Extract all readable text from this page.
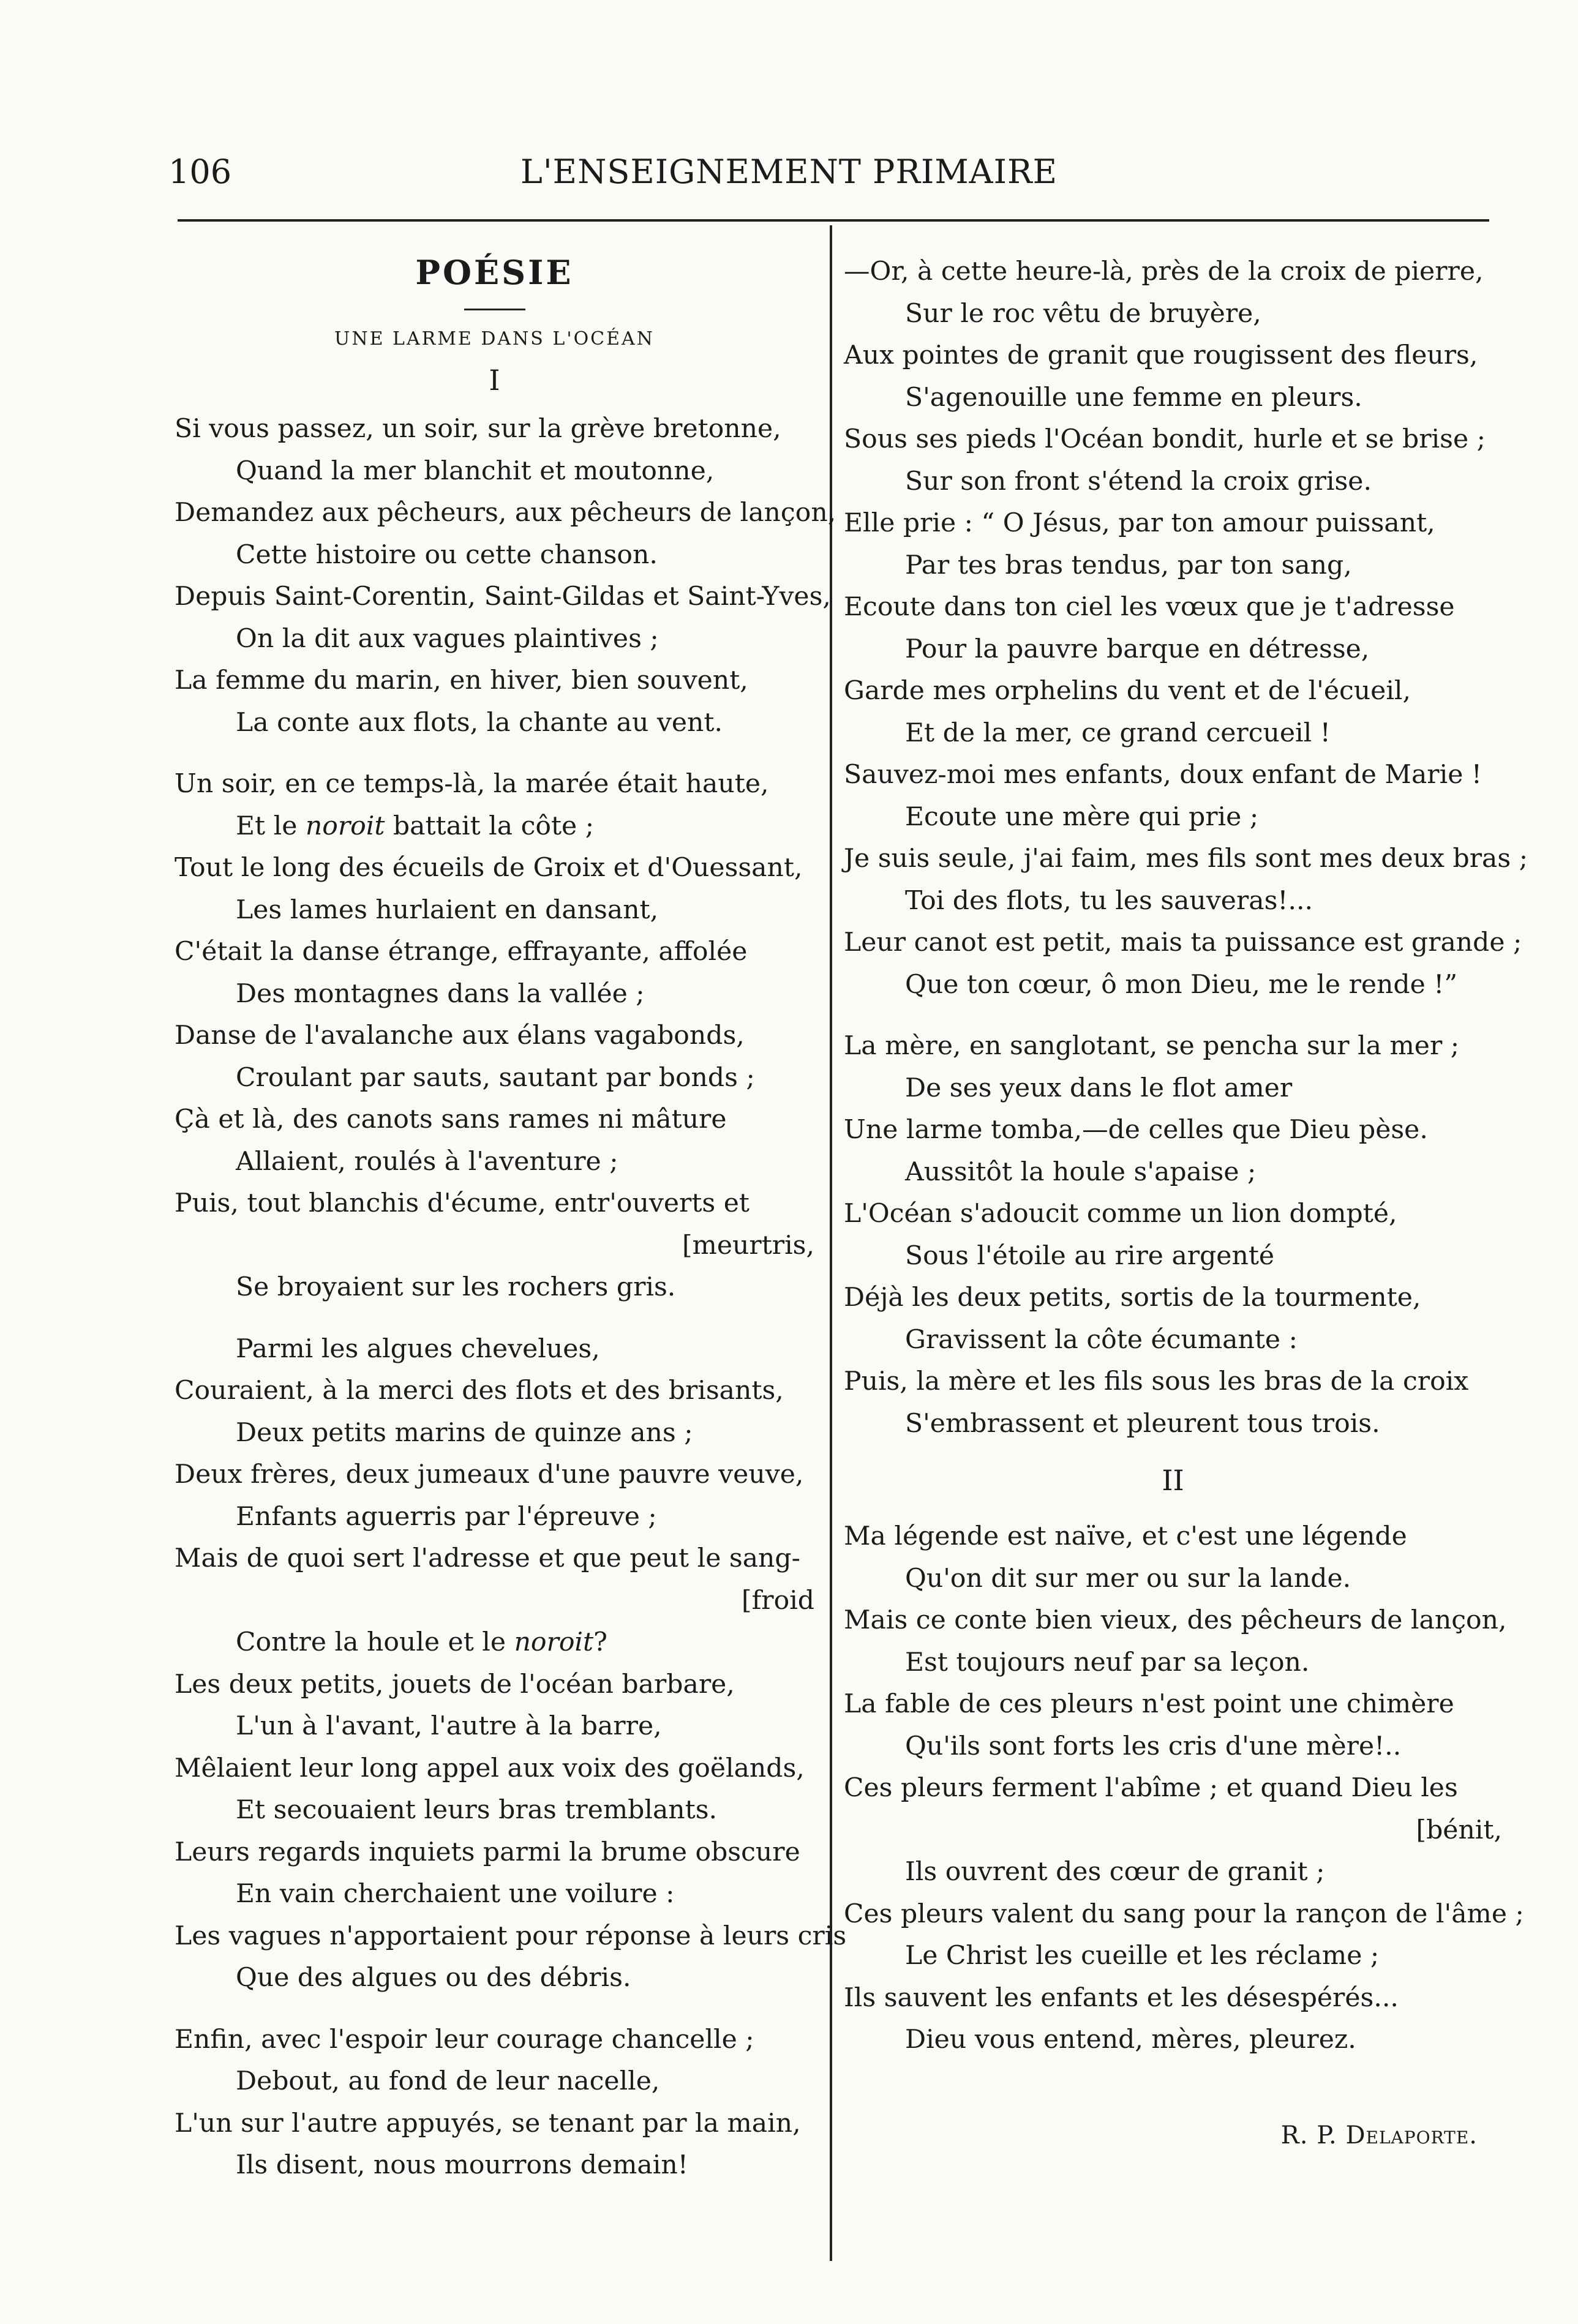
106	L'ENSEIGNEMENT PRIMAIRE
POÉSIE
UNE LARME DANS L'OCÉAN
I
Si vous passez, un soir, sur la grève bretonne,
Quand la mer blanchit et moutonne,
Demandez aux pêcheurs, aux pêcheurs de lançon,
Cette histoire ou cette chanson.
Depuis Saint-Corentin, Saint-Gildas et Saint-Yves,
On la dit aux vagues plaintives ;
La femme du marin, en hiver, bien souvent,
La conte aux flots, la chante au vent.
Un soir, en ce temps-là, la marée était haute,
Et le noroit battait la côte ;
Tout le long des écueils de Groix et d'Ouessant,
Les lames hurlaient en dansant,
C'était la danse étrange, effrayante, affolée
Des montagnes dans la vallée ;
Danse de l'avalanche aux élans vagabonds,
Croulant par sauts, sautant par bonds ;
Çà et là, des canots sans rames ni mâture
Allaient, roulés à l'aventure ;
Puis, tout blanchis d'écume, entr'ouverts et
[meurtris,
Se broyaient sur les rochers gris.
Parmi les algues chevelues,
Couraient, à la merci des flots et des brisants,
Deux petits marins de quinze ans ;
Deux frères, deux jumeaux d'une pauvre veuve,
Enfants aguerris par l'épreuve ;
Mais de quoi sert l'adresse et que peut le sang-
[froid
Contre la houle et le noroit?
Les deux petits, jouets de l'océan barbare,
L'un à l'avant, l'autre à la barre,
Mêlaient leur long appel aux voix des goëlands,
Et secouaient leurs bras tremblants.
Leurs regards inquiets parmi la brume obscure
En vain cherchaient une voilure :
Les vagues n'apportaient pour réponse à leurs cris
Que des algues ou des débris.
Enfin, avec l'espoir leur courage chancelle ;
Debout, au fond de leur nacelle,
L'un sur l'autre appuyés, se tenant par la main,
Ils disent, nous mourrons demain!
—Or, à cette heure-là, près de la croix de pierre,
Sur le roc vêtu de bruyère,
Aux pointes de granit que rougissent des fleurs,
S'agenouille une femme en pleurs.
Sous ses pieds l'Océan bondit, hurle et se brise ;
Sur son front s'étend la croix grise.
Elle prie : “ O Jésus, par ton amour puissant,
Par tes bras tendus, par ton sang,
Ecoute dans ton ciel les vœux que je t'adresse
Pour la pauvre barque en détresse,
Garde mes orphelins du vent et de l'écueil,
Et de la mer, ce grand cercueil !
Sauvez-moi mes enfants, doux enfant de Marie !
Ecoute une mère qui prie ;
Je suis seule, j'ai faim, mes fils sont mes deux bras ;
Toi des flots, tu les sauveras!...
Leur canot est petit, mais ta puissance est grande ;
Que ton cœur, ô mon Dieu, me le rende !”
La mère, en sanglotant, se pencha sur la mer ;
De ses yeux dans le flot amer
Une larme tomba,—de celles que Dieu pèse.
Aussitôt la houle s'apaise ;
L'Océan s'adoucit comme un lion dompté,
Sous l'étoile au rire argenté
Déjà les deux petits, sortis de la tourmente,
Gravissent la côte écumante :
Puis, la mère et les fils sous les bras de la croix
S'embrassent et pleurent tous trois.
II
Ma légende est naïve, et c'est une légende
Qu'on dit sur mer ou sur la lande.
Mais ce conte bien vieux, des pêcheurs de lançon,
Est toujours neuf par sa leçon.
La fable de ces pleurs n'est point une chimère
Qu'ils sont forts les cris d'une mère!..
Ces pleurs ferment l'abîme ; et quand Dieu les
[bénit,
Ils ouvrent des cœur de granit ;
Ces pleurs valent du sang pour la rançon de l'âme ;
Le Christ les cueille et les réclame ;
Ils sauvent les enfants et les désespérés...
Dieu vous entend, mères, pleurez.
R. P. Delaporte.
